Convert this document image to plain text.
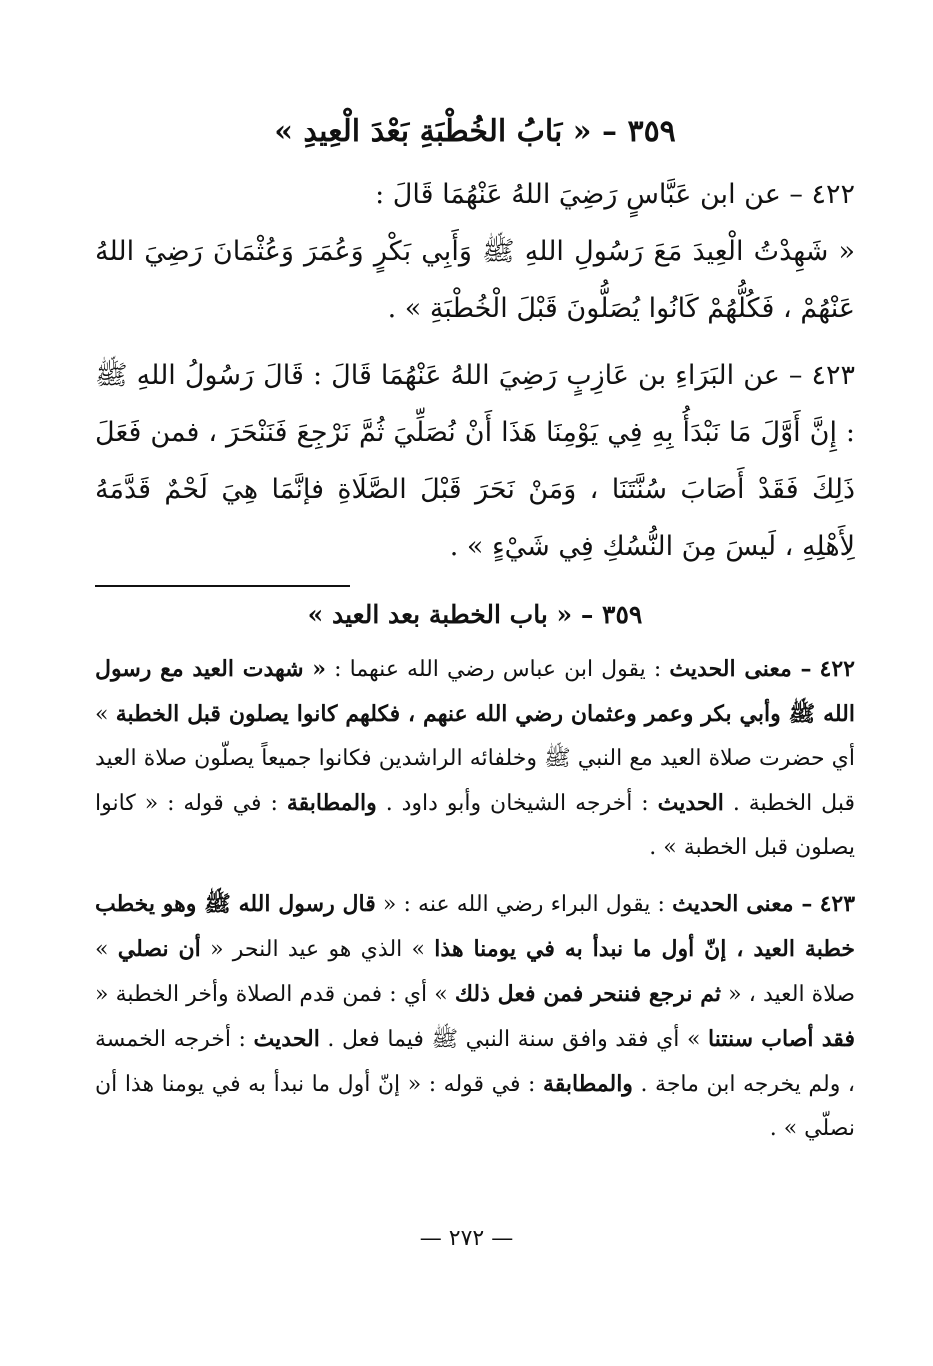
٣٥٩ – « بَابُ الخُطْبَةِ بَعْدَ الْعِيدِ »

٤٢٢ – عن ابن عَبَّاسٍ رَضِيَ اللهُ عَنْهُمَا قَالَ :

« شَهِدْتُ الْعِيدَ مَعَ رَسُولِ اللهِ ﷺ وَأَبِي بَكْرٍ وَعُمَرَ وَعُثْمَانَ رَضِيَ اللهُ عَنْهُمْ ، فَكُلُّهُمْ كَانُوا يُصَلُّونَ قَبْلَ الْخُطْبَةِ » .

٤٢٣ – عن البَرَاءِ بن عَازِبٍ رَضِيَ اللهُ عَنْهُمَا قَالَ : قَالَ رَسُولُ اللهِ ﷺ : إِنَّ أَوَّلَ مَا نَبْدَأُ بِهِ فِي يَوْمِنَا هَذَا أَنْ نُصَلِّيَ ثُمَّ نَرْجِعَ فَنَنْحَرَ ، فمن فَعَلَ ذَلِكَ فَقَدْ أَصَابَ سُنَّتَنَا ، وَمَنْ نَحَرَ قَبْلَ الصَّلَاةِ فإنَّمَا هِيَ لَحْمٌ قَدَّمَهُ لِأَهْلِهِ ، لَيسَ مِنَ النُّسُكِ فِي شَيْءٍ » .

٣٥٩ – « باب الخطبة بعد العيد »

٤٢٢ – معنى الحديث : يقول ابن عباس رضي الله عنهما : « شهدت العيد مع رسول الله ﷺ وأبي بكر وعمر وعثمان رضي الله عنهم ، فكلهم كانوا يصلون قبل الخطبة » أي حضرت صلاة العيد مع النبي ﷺ وخلفائه الراشدين فكانوا جميعاً يصلّون صلاة العيد قبل الخطبة . الحديث : أخرجه الشيخان وأبو داود . والمطابقة : في قوله : « كانوا يصلون قبل الخطبة » .

٤٢٣ – معنى الحديث : يقول البراء رضي الله عنه : « قال رسول الله ﷺ وهو يخطب خطبة العيد ، إنّ أول ما نبدأ به في يومنا هذا » الذي هو عيد النحر « أن نصلي » صلاة العيد ، « ثم نرجع فننحر فمن فعل ذلك » أي : فمن قدم الصلاة وأخر الخطبة « فقد أصاب سنتنا » أي فقد وافق سنة النبي ﷺ فيما فعل . الحديث : أخرجه الخمسة ، ولم يخرجه ابن ماجة . والمطابقة : في قوله : « إنّ أول ما نبدأ به في يومنا هذا أن نصلّي » .

— ٢٧٢ —
